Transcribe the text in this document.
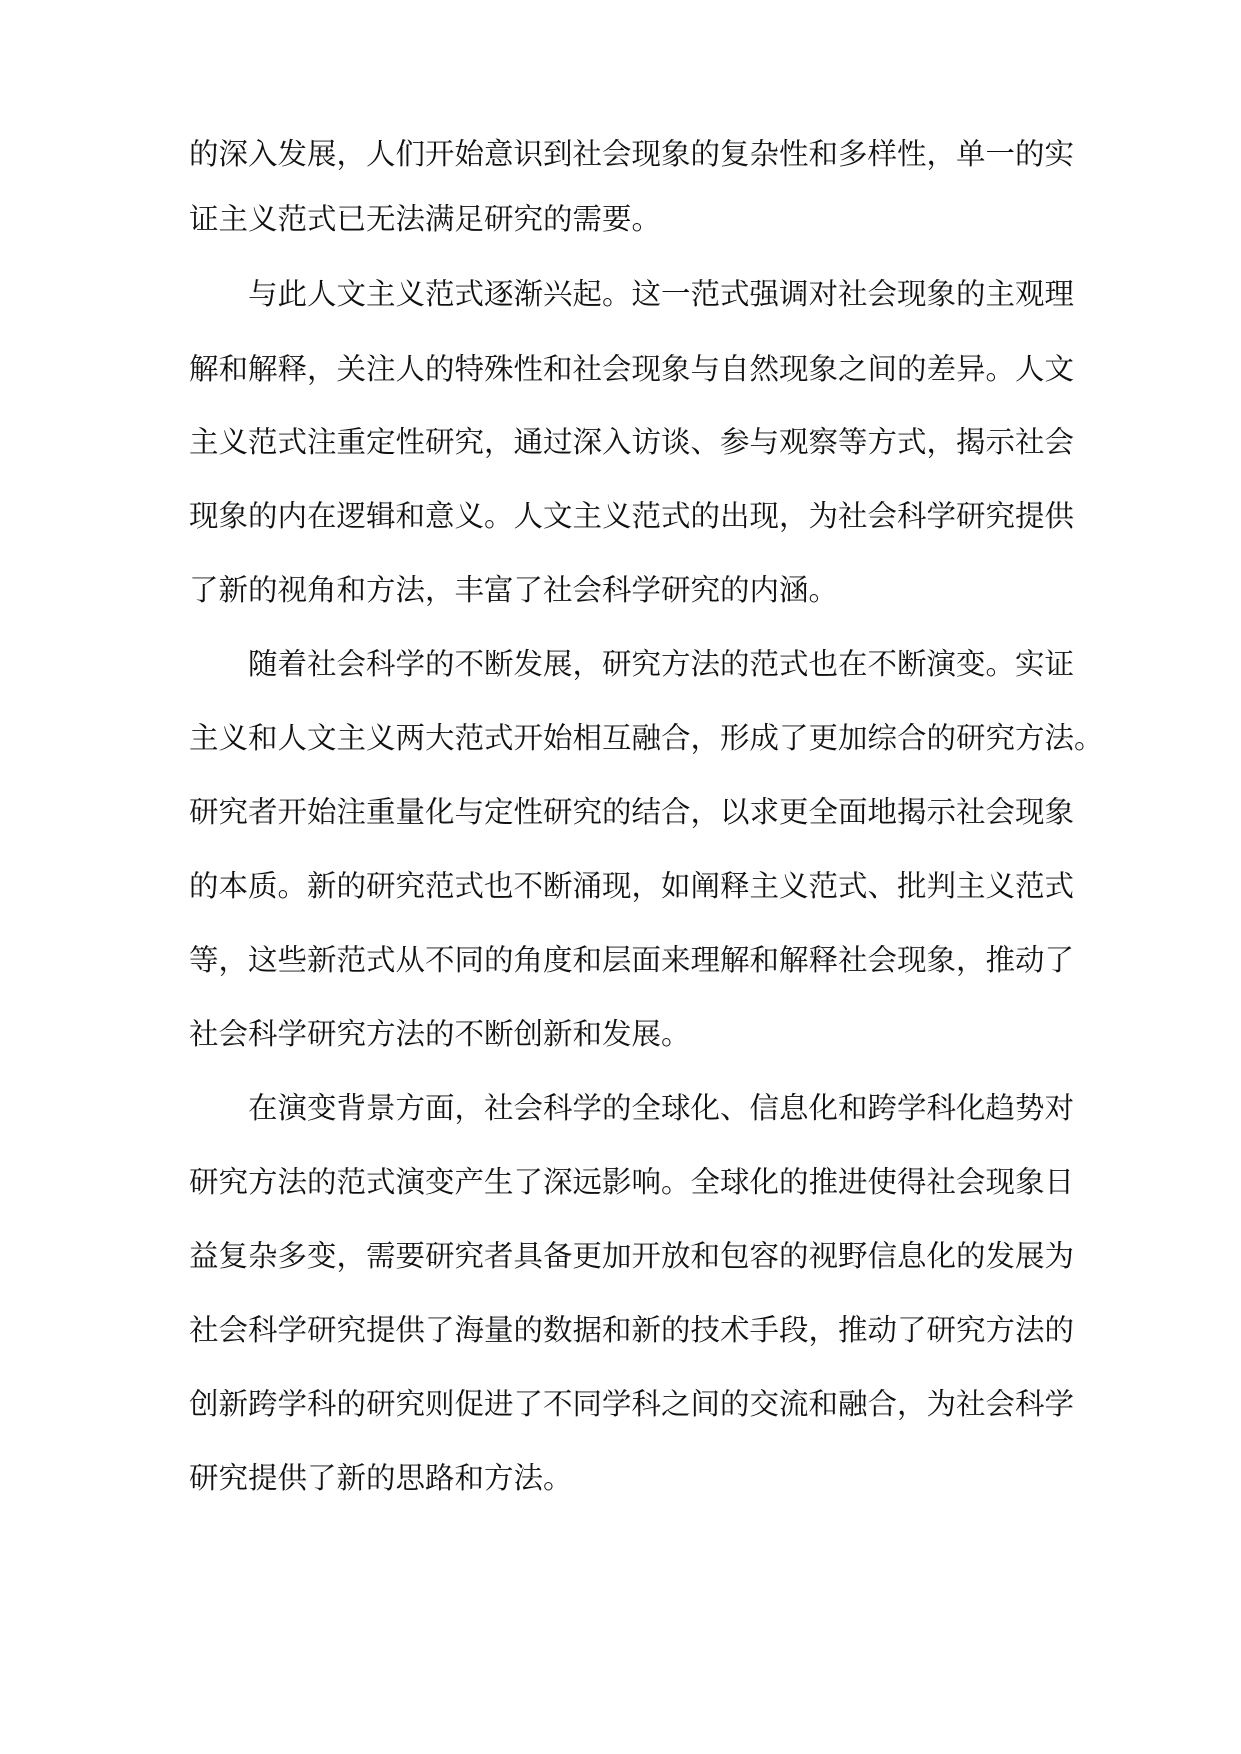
的深入发展，人们开始意识到社会现象的复杂性和多样性，单一的实

证主义范式已无法满足研究的需要。

与此人文主义范式逐渐兴起。这一范式强调对社会现象的主观理

解和解释，关注人的特殊性和社会现象与自然现象之间的差异。人文

主义范式注重定性研究，通过深入访谈、参与观察等方式，揭示社会

现象的内在逻辑和意义。人文主义范式的出现，为社会科学研究提供

了新的视角和方法，丰富了社会科学研究的内涵。

随着社会科学的不断发展，研究方法的范式也在不断演变。实证

主义和人文主义两大范式开始相互融合，形成了更加综合的研究方法。

研究者开始注重量化与定性研究的结合，以求更全面地揭示社会现象

的本质。新的研究范式也不断涌现，如阐释主义范式、批判主义范式

等，这些新范式从不同的角度和层面来理解和解释社会现象，推动了

社会科学研究方法的不断创新和发展。

在演变背景方面，社会科学的全球化、信息化和跨学科化趋势对

研究方法的范式演变产生了深远影响。全球化的推进使得社会现象日

益复杂多变，需要研究者具备更加开放和包容的视野信息化的发展为

社会科学研究提供了海量的数据和新的技术手段，推动了研究方法的

创新跨学科的研究则促进了不同学科之间的交流和融合，为社会科学

研究提供了新的思路和方法。
